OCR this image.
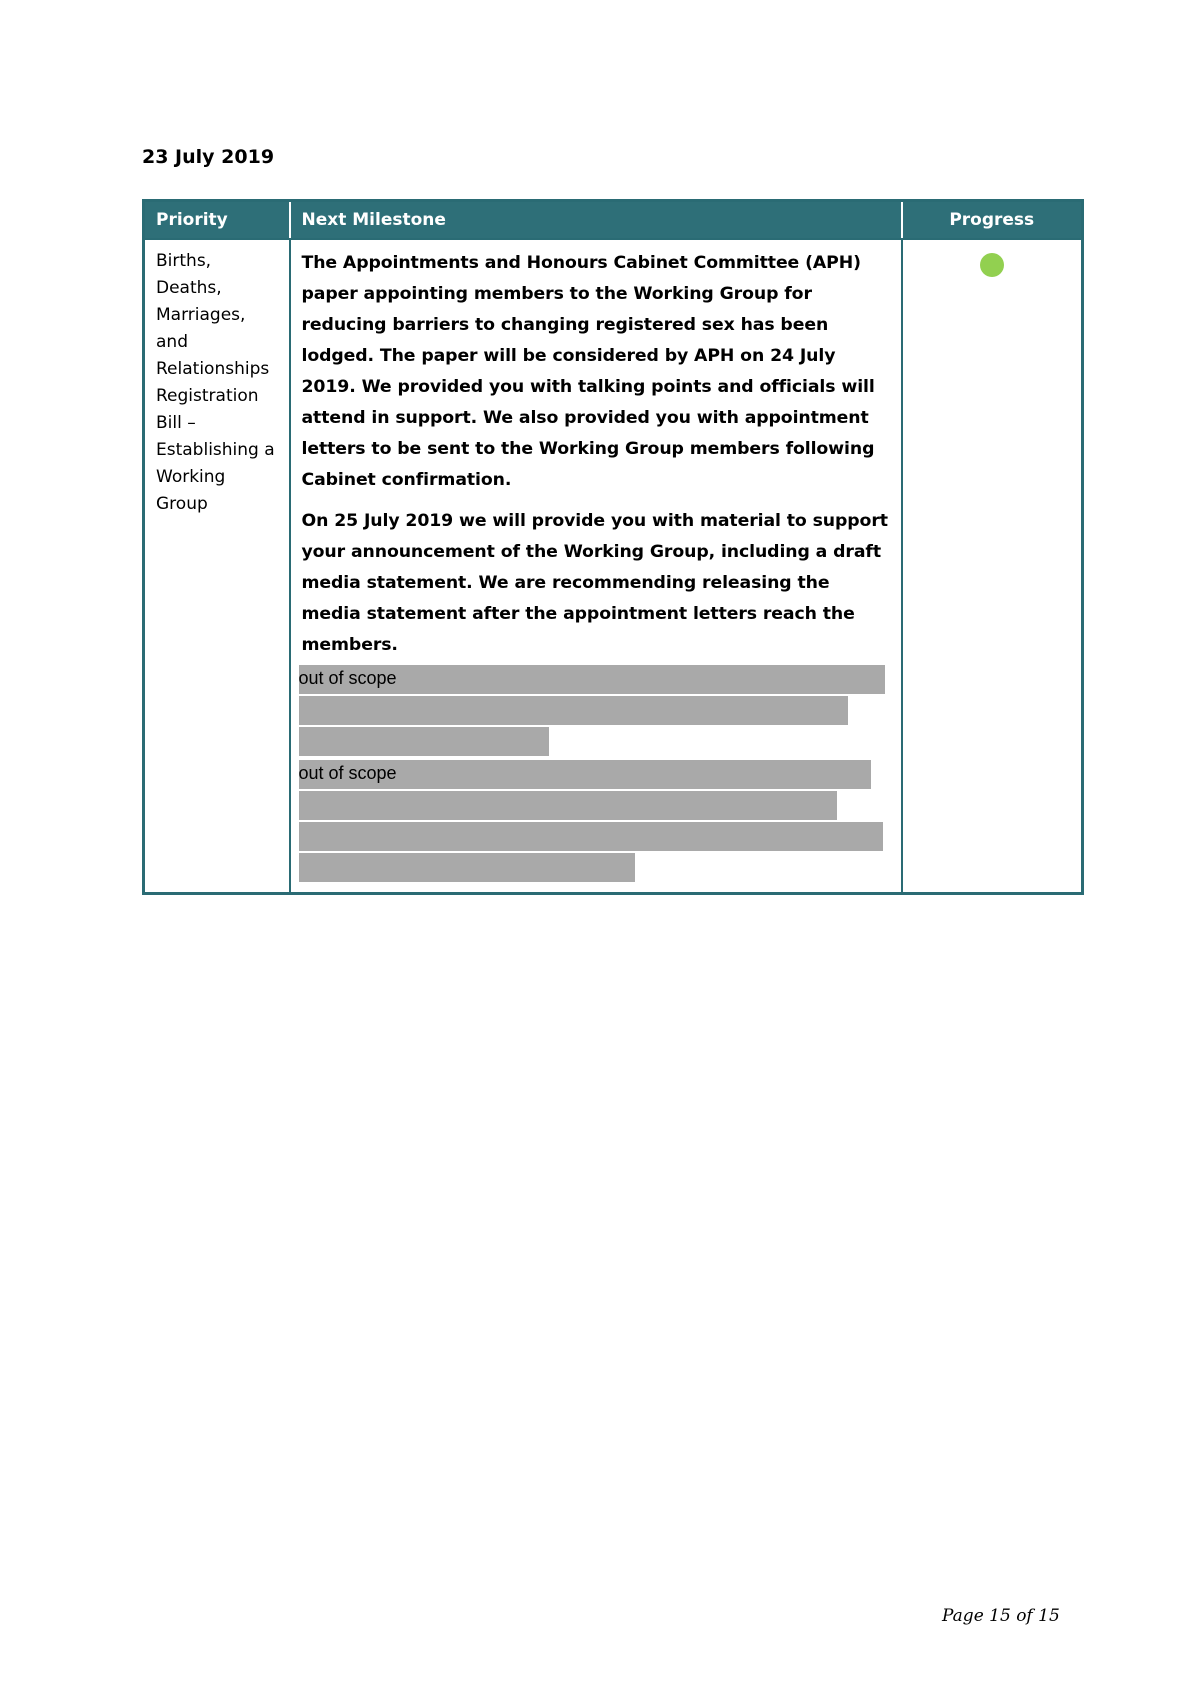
23 July 2019
Priority	Next Milestone	Progress

Births, Deaths, Marriages, and Relationships Registration Bill – Establishing a Working Group	The Appointments and Honours Cabinet Committee (APH) paper appointing members to the Working Group for reducing barriers to changing registered sex has been lodged. The paper will be considered by APH on 24 July 2019. We provided you with talking points and officials will attend in support. We also provided you with appointment letters to be sent to the Working Group members following Cabinet confirmation.

On 25 July 2019 we will provide you with material to support your announcement of the Working Group, including a draft media statement. We are recommending releasing the media statement after the appointment letters reach the members.

out of scope
out of scope	

Page 15 of 15
